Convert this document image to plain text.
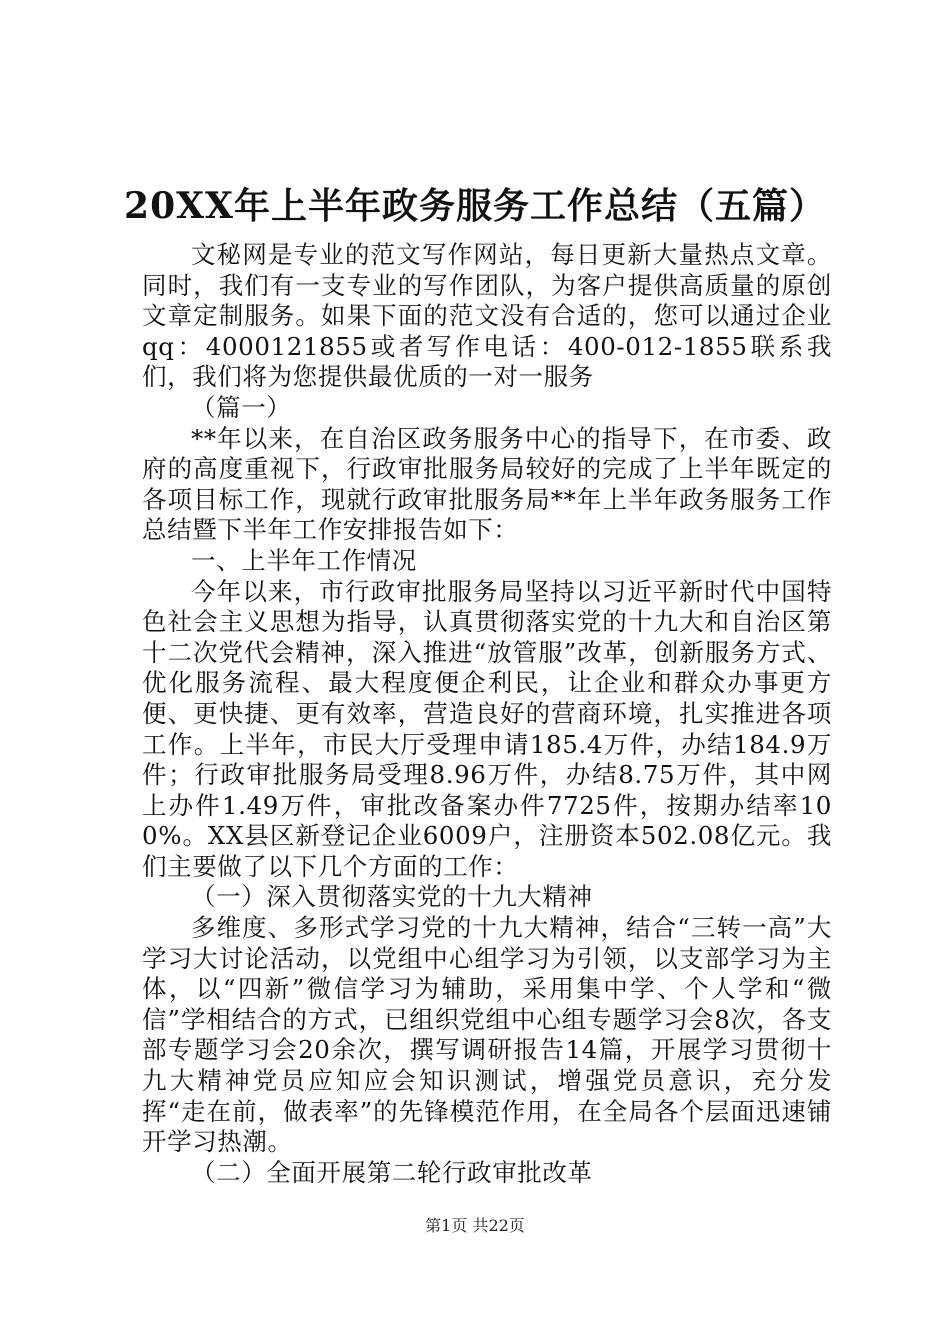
20XX年上半年政务服务工作总结（五篇）

文秘网是专业的范文写作网站，每日更新大量热点文章。同时，我们有一支专业的写作团队，为客户提供高质量的原创文章定制服务。如果下面的范文没有合适的，您可以通过企业qq：4000121855或者写作电话：400-012-1855联系我们，我们将为您提供最优质的一对一服务

（篇一）

**年以来，在自治区政务服务中心的指导下，在市委、政府的高度重视下，行政审批服务局较好的完成了上半年既定的各项目标工作，现就行政审批服务局**年上半年政务服务工作总结暨下半年工作安排报告如下：

一、上半年工作情况

今年以来，市行政审批服务局坚持以习近平新时代中国特色社会主义思想为指导，认真贯彻落实党的十九大和自治区第十二次党代会精神，深入推进“放管服”改革，创新服务方式、优化服务流程、最大程度便企利民，让企业和群众办事更方便、更快捷、更有效率，营造良好的营商环境，扎实推进各项工作。上半年，市民大厅受理申请185.4万件，办结184.9万件；行政审批服务局受理8.96万件，办结8.75万件，其中网上办件1.49万件，审批改备案办件7725件，按期办结率100%。XX县区新登记企业6009户，注册资本502.08亿元。我们主要做了以下几个方面的工作：

（一）深入贯彻落实党的十九大精神

多维度、多形式学习党的十九大精神，结合“三转一高”大学习大讨论活动，以党组中心组学习为引领，以支部学习为主体，以“四新”微信学习为辅助，采用集中学、个人学和“微信”学相结合的方式，已组织党组中心组专题学习会8次，各支部专题学习会20余次，撰写调研报告14篇，开展学习贯彻十九大精神党员应知应会知识测试，增强党员意识，充分发挥“走在前，做表率”的先锋模范作用，在全局各个层面迅速铺开学习热潮。

（二）全面开展第二轮行政审批改革

第1页 共22页
